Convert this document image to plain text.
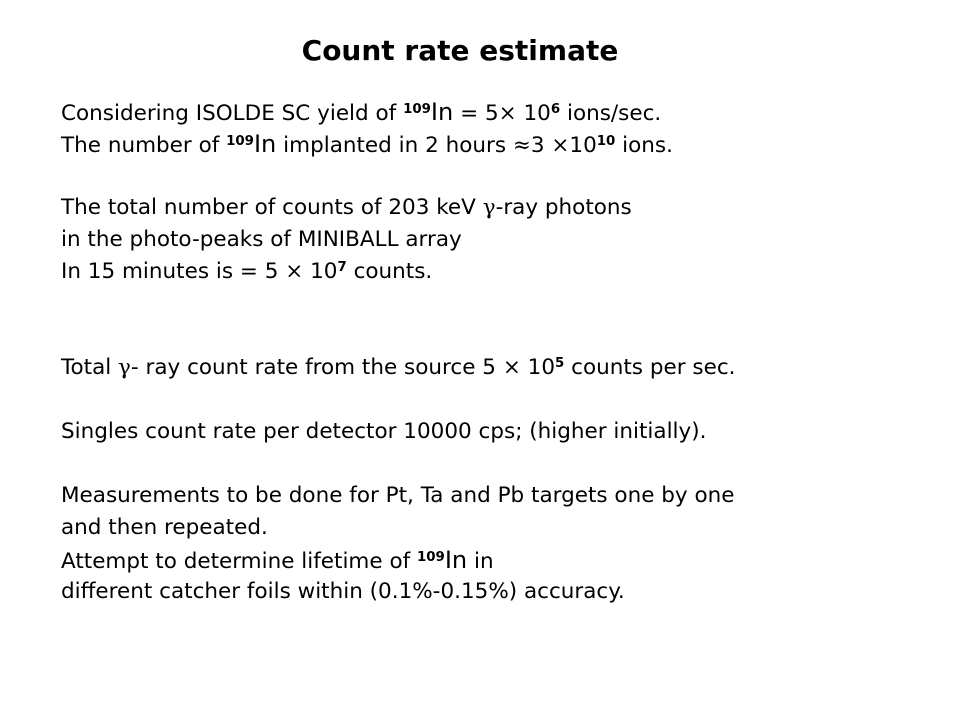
Count rate estimate
Considering ISOLDE SC yield of $^{109}In = 5\times 10^6$ ions/sec.
The number of $^{109}$In implanted in 2 hours $\approx 3 \times 10^{10}$ ions.
The total number of counts of 203 keV γ-ray photons
in the photo-peaks of MINIBALL array
In 15 minutes is = $5 \times 10^7$ counts.
Total γ- ray count rate from the source $5 \times 10^5$ counts per sec.
Singles count rate per detector 10000 cps; (higher initially).
Measurements to be done for Pt, Ta and Pb targets one by one
and then repeated.
Attempt to determine lifetime of $^{109}$In in
different catcher foils within (0.1%-0.15%) accuracy.
